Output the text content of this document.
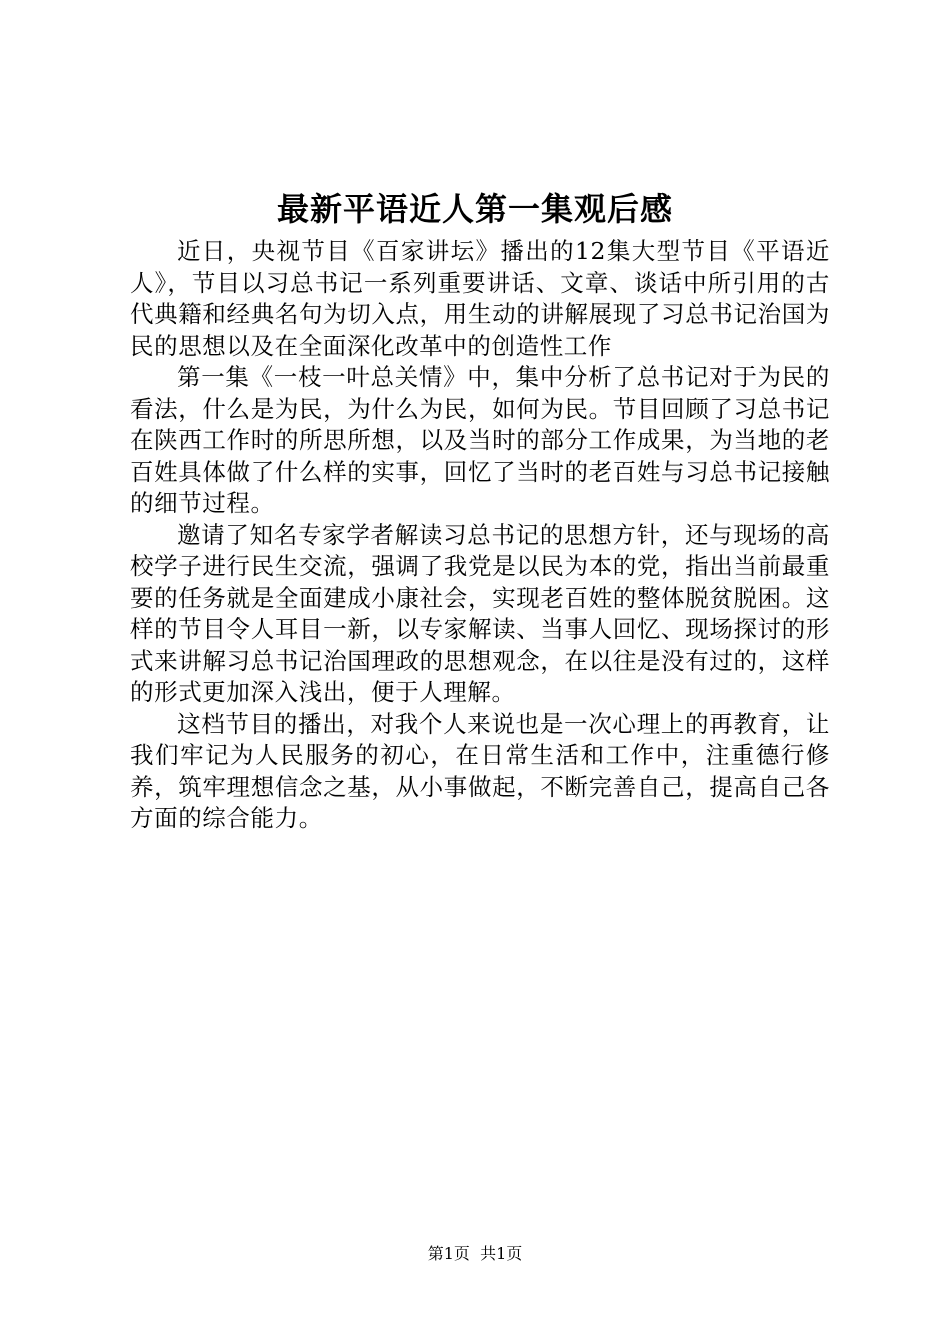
最新平语近人第一集观后感

近日，央视节目《百家讲坛》播出的12集大型节目《平语近人》，节目以习总书记一系列重要讲话、文章、谈话中所引用的古代典籍和经典名句为切入点，用生动的讲解展现了习总书记治国为民的思想以及在全面深化改革中的创造性工作

第一集《一枝一叶总关情》中，集中分析了总书记对于为民的看法，什么是为民，为什么为民，如何为民。节目回顾了习总书记在陕西工作时的所思所想，以及当时的部分工作成果，为当地的老百姓具体做了什么样的实事，回忆了当时的老百姓与习总书记接触的细节过程。

邀请了知名专家学者解读习总书记的思想方针，还与现场的高校学子进行民生交流，强调了我党是以民为本的党，指出当前最重要的任务就是全面建成小康社会，实现老百姓的整体脱贫脱困。这样的节目令人耳目一新，以专家解读、当事人回忆、现场探讨的形式来讲解习总书记治国理政的思想观念，在以往是没有过的，这样的形式更加深入浅出，便于人理解。

这档节目的播出，对我个人来说也是一次心理上的再教育，让我们牢记为人民服务的初心，在日常生活和工作中，注重德行修养，筑牢理想信念之基，从小事做起，不断完善自己，提高自己各方面的综合能力。

第1页  共1页
